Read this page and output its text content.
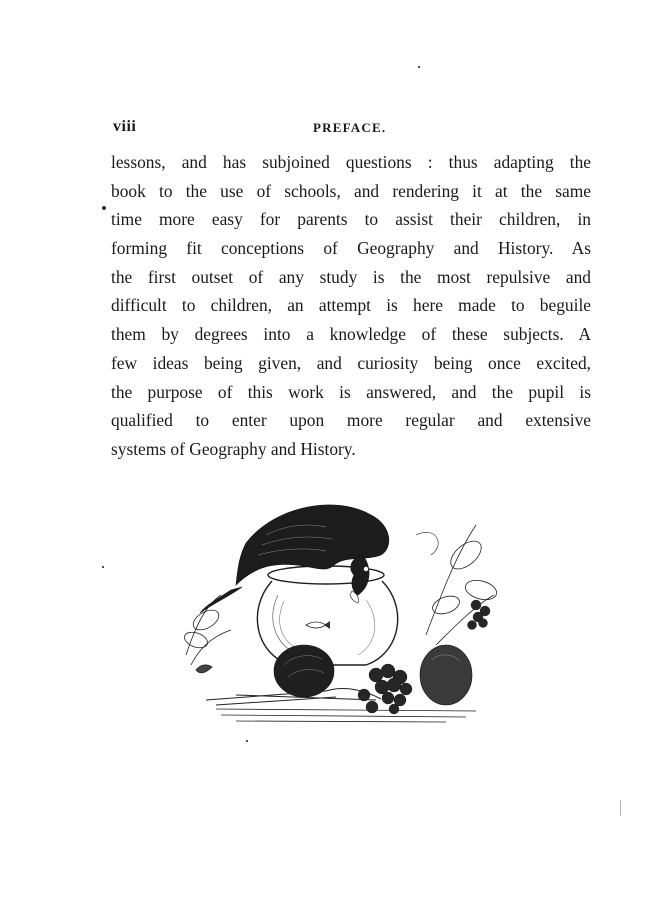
viii	PREFACE.
lessons, and has subjoined questions : thus adapting the
book to the use of schools, and rendering it at the same
time more easy for parents to assist their children, in
forming fit conceptions of Geography and History. As
the first outset of any study is the most repulsive and
difficult to children, an attempt is here made to beguile
them by degrees into a knowledge of these subjects. A
few ideas being given, and curiosity being once excited,
the purpose of this work is answered, and the pupil is
qualified to enter upon more regular and extensive
systems of Geography and History.
